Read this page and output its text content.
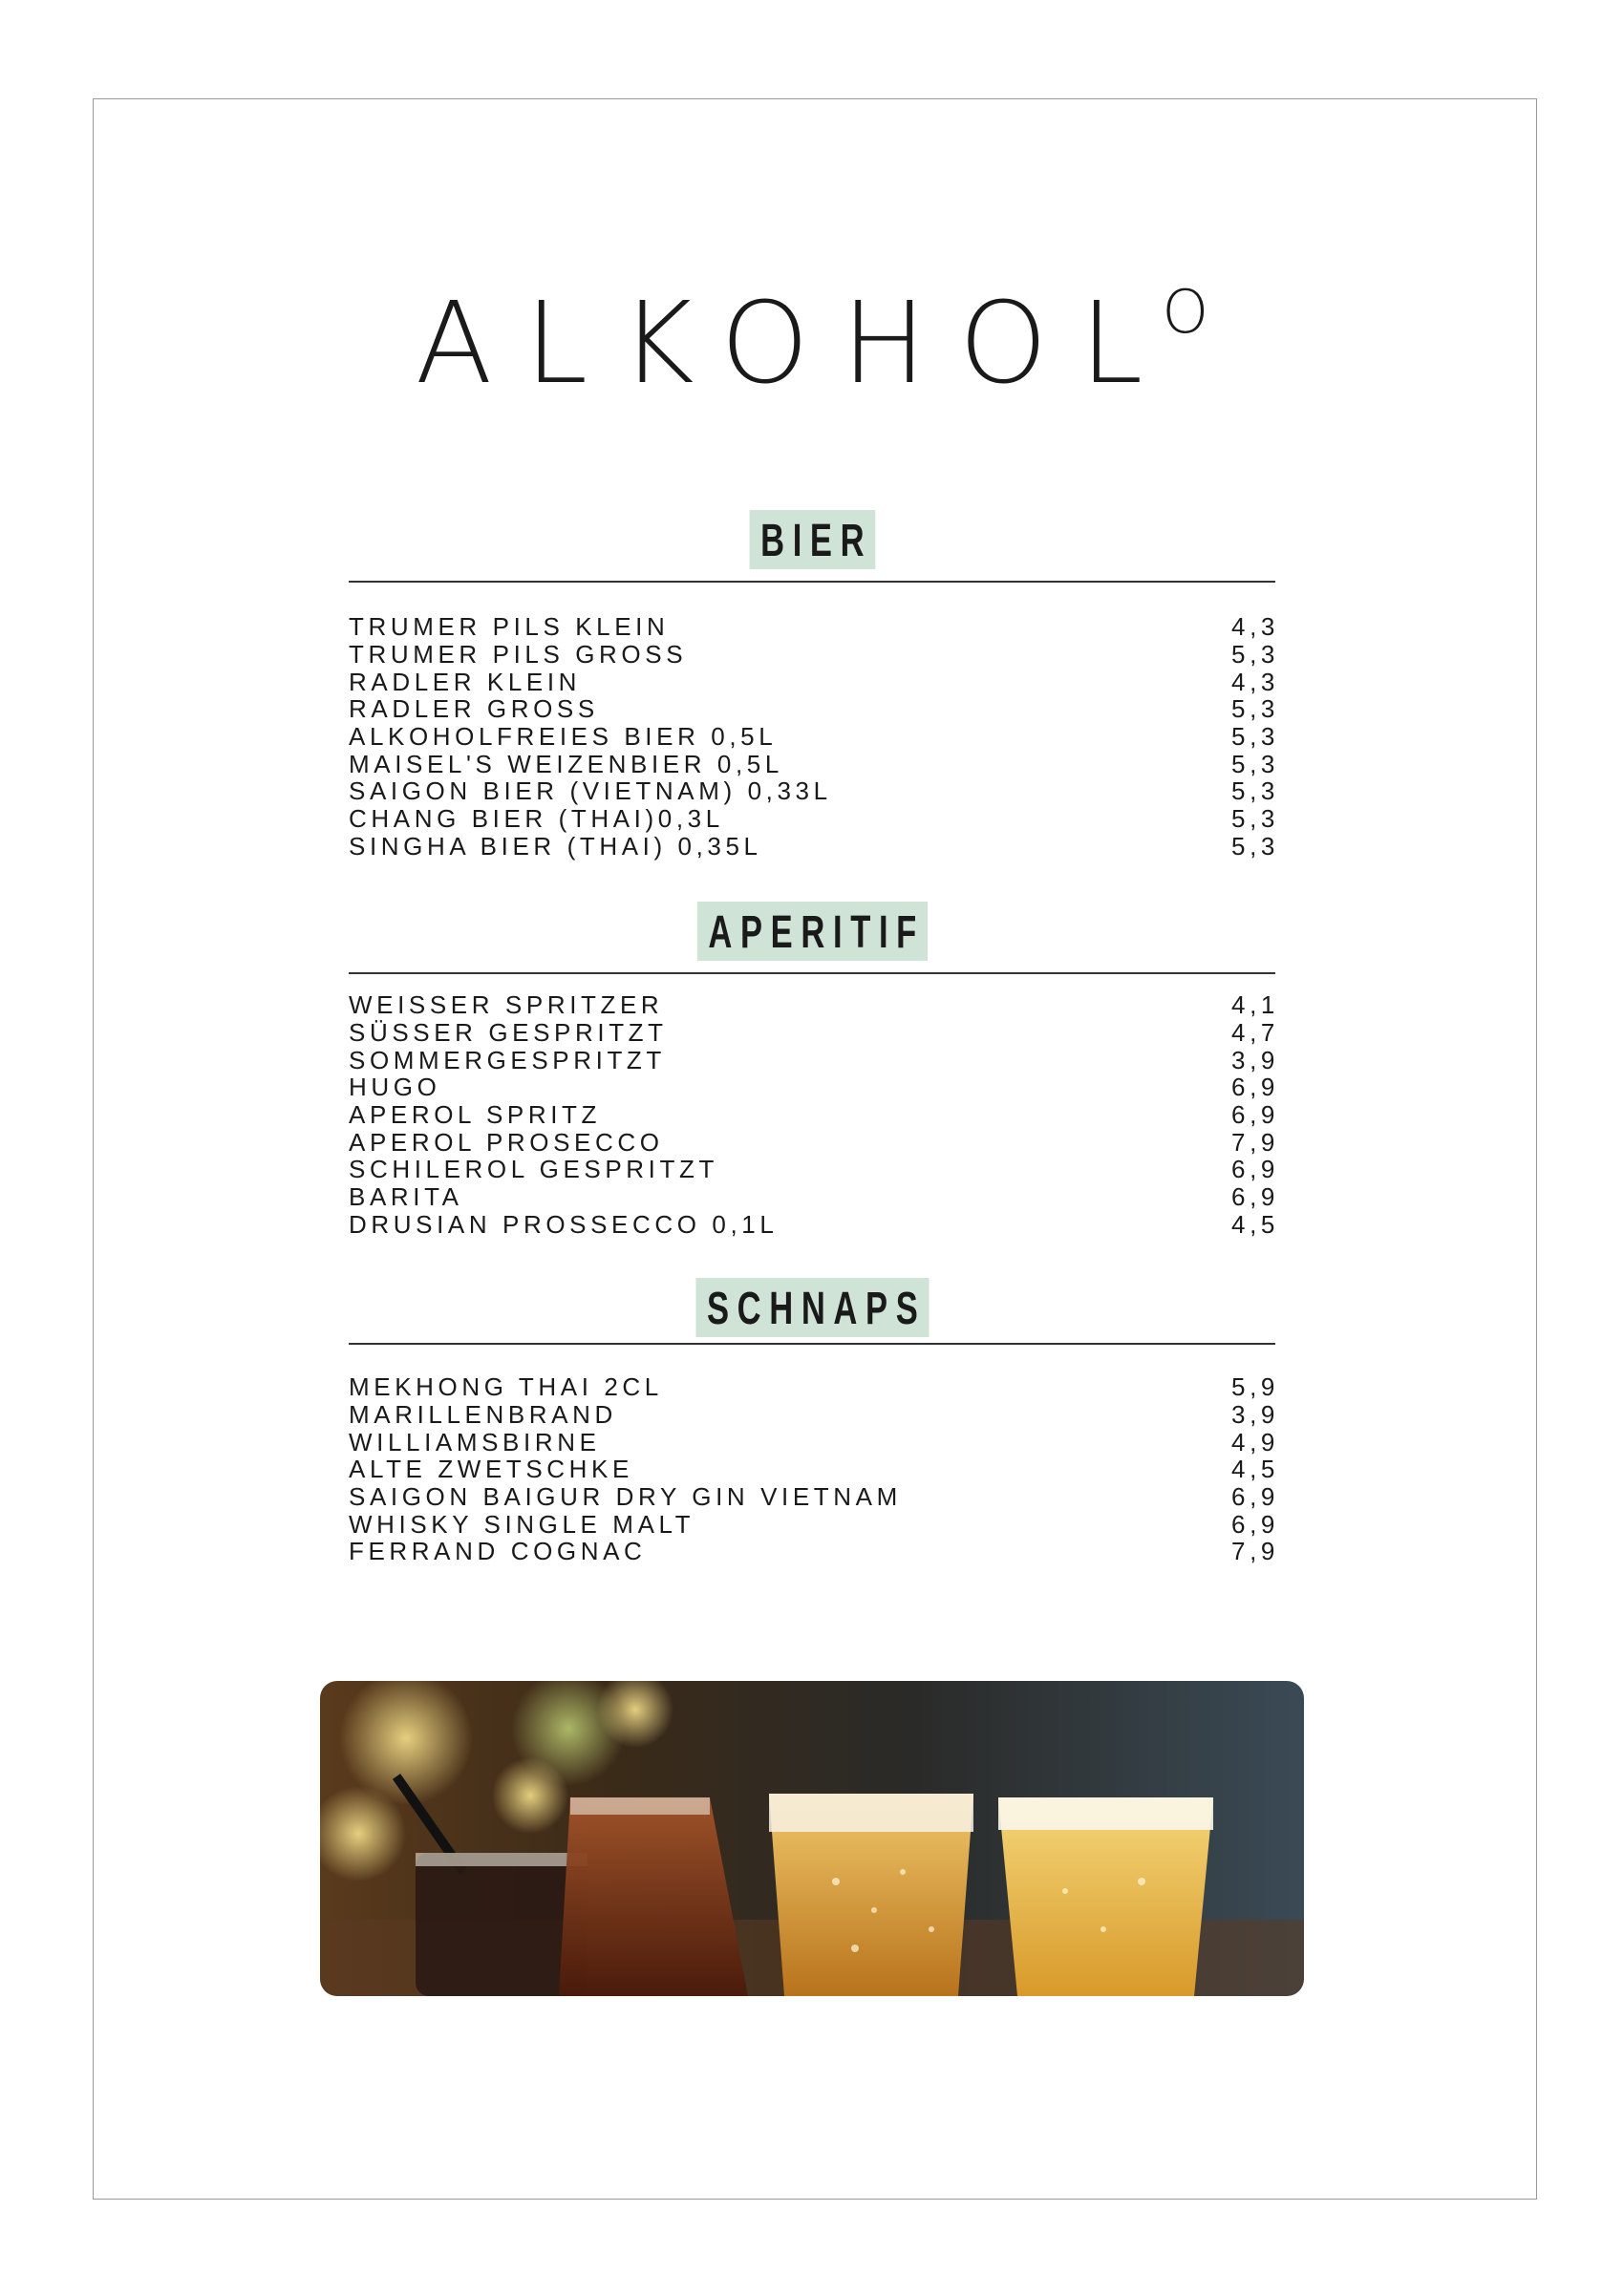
$ALKOHOL^O$
BIER
TRUMER PILS KLEIN	4,3
TRUMER PILS GROSS	5,3
RADLER KLEIN	4,3
RADLER GROSS	5,3
ALKOHOLFREIES BIER 0,5L	5,3
MAISEL'S WEIZENBIER 0,5L	5,3
SAIGON BIER (VIETNAM) 0,33L	5,3
CHANG BIER (THAI)0,3L	5,3
SINGHA BIER (THAI) 0,35L	5,3
APERITIF
WEISSER SPRITZER	4,1
SÜSSER GESPRITZT	4,7
SOMMERGESPRITZT	3,9
HUGO	6,9
APEROL SPRITZ	6,9
APEROL PROSECCO	7,9
SCHILEROL GESPRITZT	6,9
BARITA	6,9
DRUSIAN PROSSECCO 0,1L	4,5
SCHNAPS
MEKHONG THAI 2CL	5,9
MARILLENBRAND	3,9
WILLIAMSBIRNE	4,9
ALTE ZWETSCHKE	4,5
SAIGON BAIGUR DRY GIN VIETNAM	6,9
WHISKY SINGLE MALT	6,9
FERRAND COGNAC	7,9
